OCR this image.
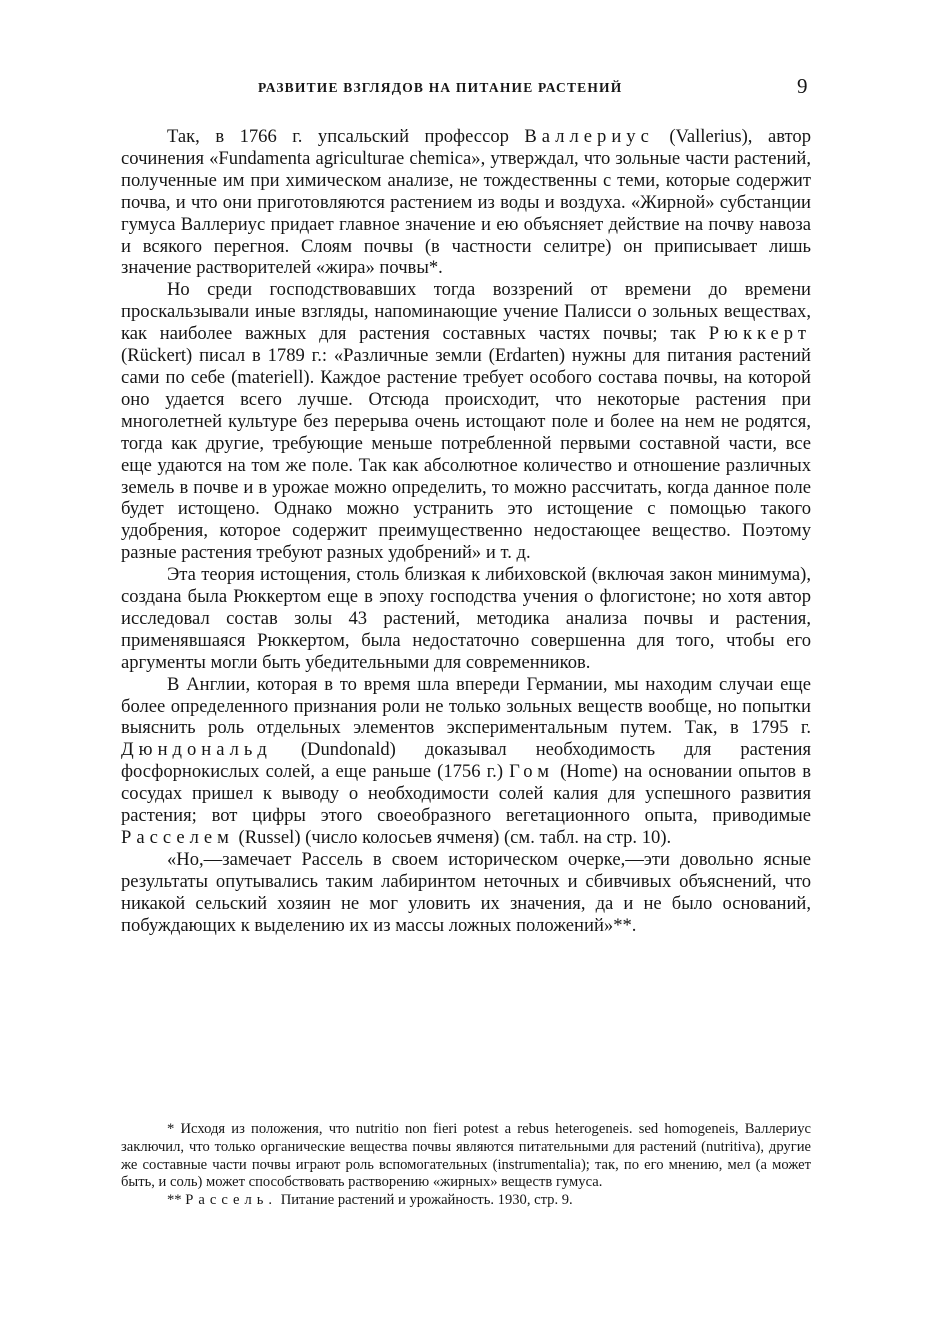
РАЗВИТИЕ ВЗГЛЯДОВ НА ПИТАНИЕ РАСТЕНИЙ	9

Так, в 1766 г. упсальский профессор Валлериус (Vallerius), автор сочинения «Fundamenta agriculturae chemica», утверждал, что зольные части растений, полученные им при химическом анализе, не тождественны с теми, которые содержит почва, и что они приготовляются растением из воды и воздуха. «Жирной» субстанции гумуса Валлериус придает главное значение и ею объясняет действие на почву навоза и всякого перегноя. Слоям почвы (в частности селитре) он приписывает лишь значение растворителей «жира» почвы*.

Но среди господствовавших тогда воззрений от времени до времени проскальзывали иные взгляды, напоминающие учение Палисси о зольных веществах, как наиболее важных для растения составных частях почвы; так Рюккерт (Rückert) писал в 1789 г.: «Различные земли (Erdarten) нужны для питания растений сами по себе (materiell). Каждое растение требует особого состава почвы, на которой оно удается всего лучше. Отсюда происходит, что некоторые растения при многолетней культуре без перерыва очень истощают поле и более на нем не родятся, тогда как другие, требующие меньше потребленной первыми составной части, все еще удаются на том же поле. Так как абсолютное количество и отношение различных земель в почве и в урожае можно определить, то можно рассчитать, когда данное поле будет истощено. Однако можно устранить это истощение с помощью такого удобрения, которое содержит преимущественно недостающее вещество. Поэтому разные растения требуют разных удобрений» и т. д.

Эта теория истощения, столь близкая к либиховской (включая закон минимума), создана была Рюккертом еще в эпоху господства учения о флогистоне; но хотя автор исследовал состав золы 43 растений, методика анализа почвы и растения, применявшаяся Рюккертом, была недостаточно совершенна для того, чтобы его аргументы могли быть убедительными для современников.

В Англии, которая в то время шла впереди Германии, мы находим случаи еще более определенного признания роли не только зольных веществ вообще, но попытки выяснить роль отдельных элементов экспериментальным путем. Так, в 1795 г. Дюндональд (Dundonald) доказывал необходимость для растения фосфорнокислых солей, а еще раньше (1756 г.) Гом (Home) на основании опытов в сосудах пришел к выводу о необходимости солей калия для успешного развития растения; вот цифры этого своеобразного вегетационного опыта, приводимые Расселем (Russel) (число колосьев ячменя) (см. табл. на стр. 10).

«Но,—замечает Рассель в своем историческом очерке,—эти довольно ясные результаты опутывались таким лабиринтом неточных и сбивчивых объяснений, что никакой сельский хозяин не мог уловить их значения, да и не было оснований, побуждающих к выделению их из массы ложных положений»**.

* Исходя из положения, что nutritio non fieri potest a rebus heterogeneis. sed homogeneis, Валлериус заключил, что только органические вещества почвы являются питательными для растений (nutritiva), другие же составные части почвы играют роль вспомогательных (instrumentalia); так, по его мнению, мел (а может быть, и соль) может способствовать растворению «жирных» веществ гумуса.

** Рассель. Питание растений и урожайность. 1930, стр. 9.
